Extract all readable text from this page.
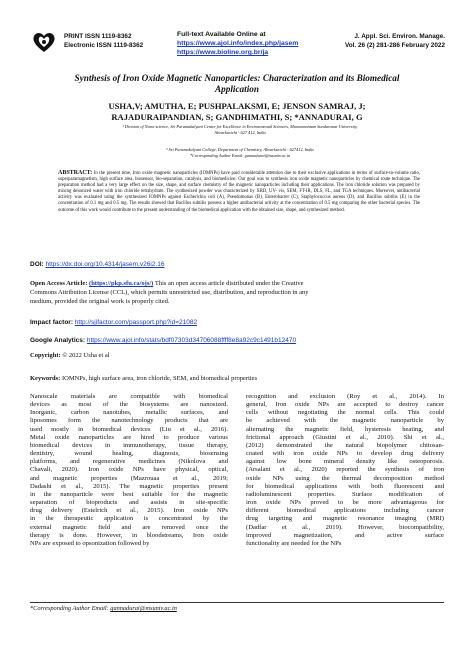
PRINT ISSN 1119-8362
Electronic ISSN 1119-8362
Full-text Available Online at
https://www.ajol.info/index.php/jasem
https://www.bioline.org.br/ja
J. Appl. Sci. Environ. Manage.
Vol. 26 (2) 281-286 February 2022
Synthesis of Iron Oxide Magnetic Nanoparticles: Characterization and its Biomedical
Application
USHA,V; AMUTHA, E; PUSHPALAKSMI, E; JENSON SAMRAJ, J;
RAJADURAIPANDIAN, S; GANDHIMATHI, S; *ANNADURAI, G
¹ Division of Nano-science, Sri Paramakalyani Centre for Excellence in Environmental Sciences, Manonmaniam Sundaranar University,
Alwarkurichi - 627 412, India
² Sri Paramakalyani College, Department of Chemistry, Alwarkurichi - 627412, India
*Corresponding Author Email: gannadurai@msuniv.ac.in
ABSTRACT: In the present time, Iron oxide magnetic nanoparticles (IOMNPs) have paid considerable attention due to their exclusive applications in terms of surface-to-volume ratio, superparamagnetism, high surface area, biosensor, bio-separation, catalysis, and biomedicine. Our goal was to synthesis iron oxide magnetic nanoparticles by chemical route technique. The preparation method had a very large effect on the size, shape, and surface chemistry of the magnetic nanoparticles including their applications. The iron chloride solution was prepared by mixing deionized water with iron chloride tetrahydrate. The synthesized powder was characterized by XRD, UV- vis, SEM, FT-IR, DLS, FL, and TGA techniques. Moreover, antibacterial activity was evaluated using the synthesized IOMNPs against Escherichia coli (A), Pseudomonas (B), Enterobacter (C), Staphylococcus aureus (D), and Bacillus subtilis (E) in the concentration of 0.1 mg and 0.5 mg. The results showed that Bacillus subtilis possess a higher antibacterial activity at the concentration of 0.5 mg comparing the other bacterial species. The outcome of this work would contribute to the present understanding of the biomedical application with the obtained size, shape, and synthesized method.
DOI: https://dx.doi.org/10.4314/jasem.v26i2.16
Open Access Article: (https://pkp.sfu.ca/ojs/) This an open access article distributed under the Creative
Commons Attribution License (CCL), which permits unrestricted use, distribution, and reproduction in any
medium, provided the original work is properly cited.
Impact factor: http://sjifactor.com/passport.php?id=21082
Google Analytics: https://www.ajol.info/stats/bdf07303d34706088ffff8e8a92c9c1491b12470
Copyright: © 2022 Usha et al
Keywords: IOMNPs, high surface area, iron chloride, SEM, and biomedical properties
Nanoscale materials are compatible with biomedical
devices as most of the biosystems are nanosized.
Inorganic, carbon nanotubes, metallic surfaces, and
liposomes form the nanotechnology products that are
used mostly in biomedical devices (Liu et al., 2016).
Metal oxide nanoparticles are hired to produce various
biomedical devices in immunotherapy, tissue therapy,
dentistry, wound healing, diagnosis, biosensing
platforms, and regenerative medicines (Nikolova and
Chavali, 2020). Iron oxide NPs have physical, optical,
and magnetic properties (Mazrouaa et al., 2019;
Dadashi et al., 2015). The magnetic properties present
in the nanoparticle were best suitable for the magnetic
separation of bioproducts and assists in site-specific
drug delivery (Estelrich et al., 2015). Iron oxide NPs
in the therapeutic application is concentrated by the
external magnetic field and are removed once the
therapy is done. However, in bloodstreams, Iron oxide
NPs are exposed to opsonization followed by
recognition and exclusion (Roy et al., 2014). In
general, Iron oxide NPs are accepted to destroy cancer
cells without negotiating the normal cells. This could
be achieved with the magnetic nanoparticle by
alternating the magnetic field, hysteresis heating, and
frictional approach (Giustini et al., 2010). Shi et al.,
(2012) demonstrated the natural biopolymer chitosan-
coated with iron oxide NPs to develop drug delivery
against low bone mineral density like osteoporosis.
(Arsalani et al., 2020) reported the synthesis of iron
oxide NPs using the thermal decomposition method
for biomedical applications with both fluorescent and
radioluminescent properties. Surface modification of
iron oxide NPs proved to be more advantageous for
different biomedical applications including cancer
drug targeting and magnetic resonance imaging (MRI)
(Dadfar et al., 2019). However, biocompatibility,
improved magnetization, and active surface
functionality are needed for the NPs
*Corresponding Author Email: gannadurai@msuniv.ac.in
